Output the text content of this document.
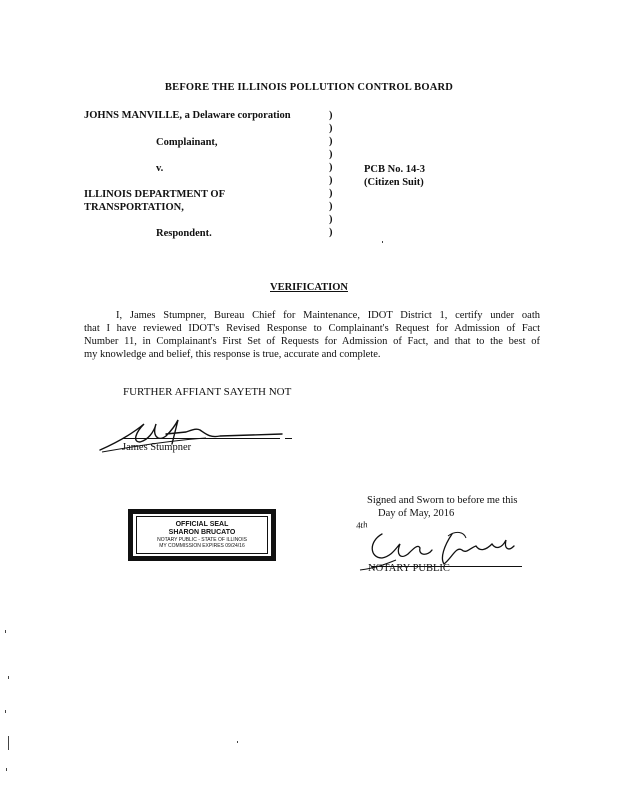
BEFORE THE ILLINOIS POLLUTION CONTROL BOARD
JOHNS MANVILLE, a Delaware corporation
Complainant,
v.
ILLINOIS DEPARTMENT OF
TRANSPORTATION,
Respondent.
)
)
)
)
)
)
)
)
)
)
PCB No. 14-3
(Citizen Suit)
VERIFICATION
I, James Stumpner, Bureau Chief for Maintenance, IDOT District 1, certify under oath
that I have reviewed IDOT's Revised Response to Complainant's Request for Admission of Fact
Number 11, in Complainant's First Set of Requests for Admission of Fact, and that to the best of
my knowledge and belief, this response is true, accurate and complete.
FURTHER AFFIANT SAYETH NOT
James Stumpner
Signed and Sworn to before me this
4th
Day of May, 2016
NOTARY PUBLIC
OFFICIAL SEAL
SHARON BRUCATO
NOTARY PUBLIC - STATE OF ILLINOIS
MY COMMISSION EXPIRES 09/24/16
